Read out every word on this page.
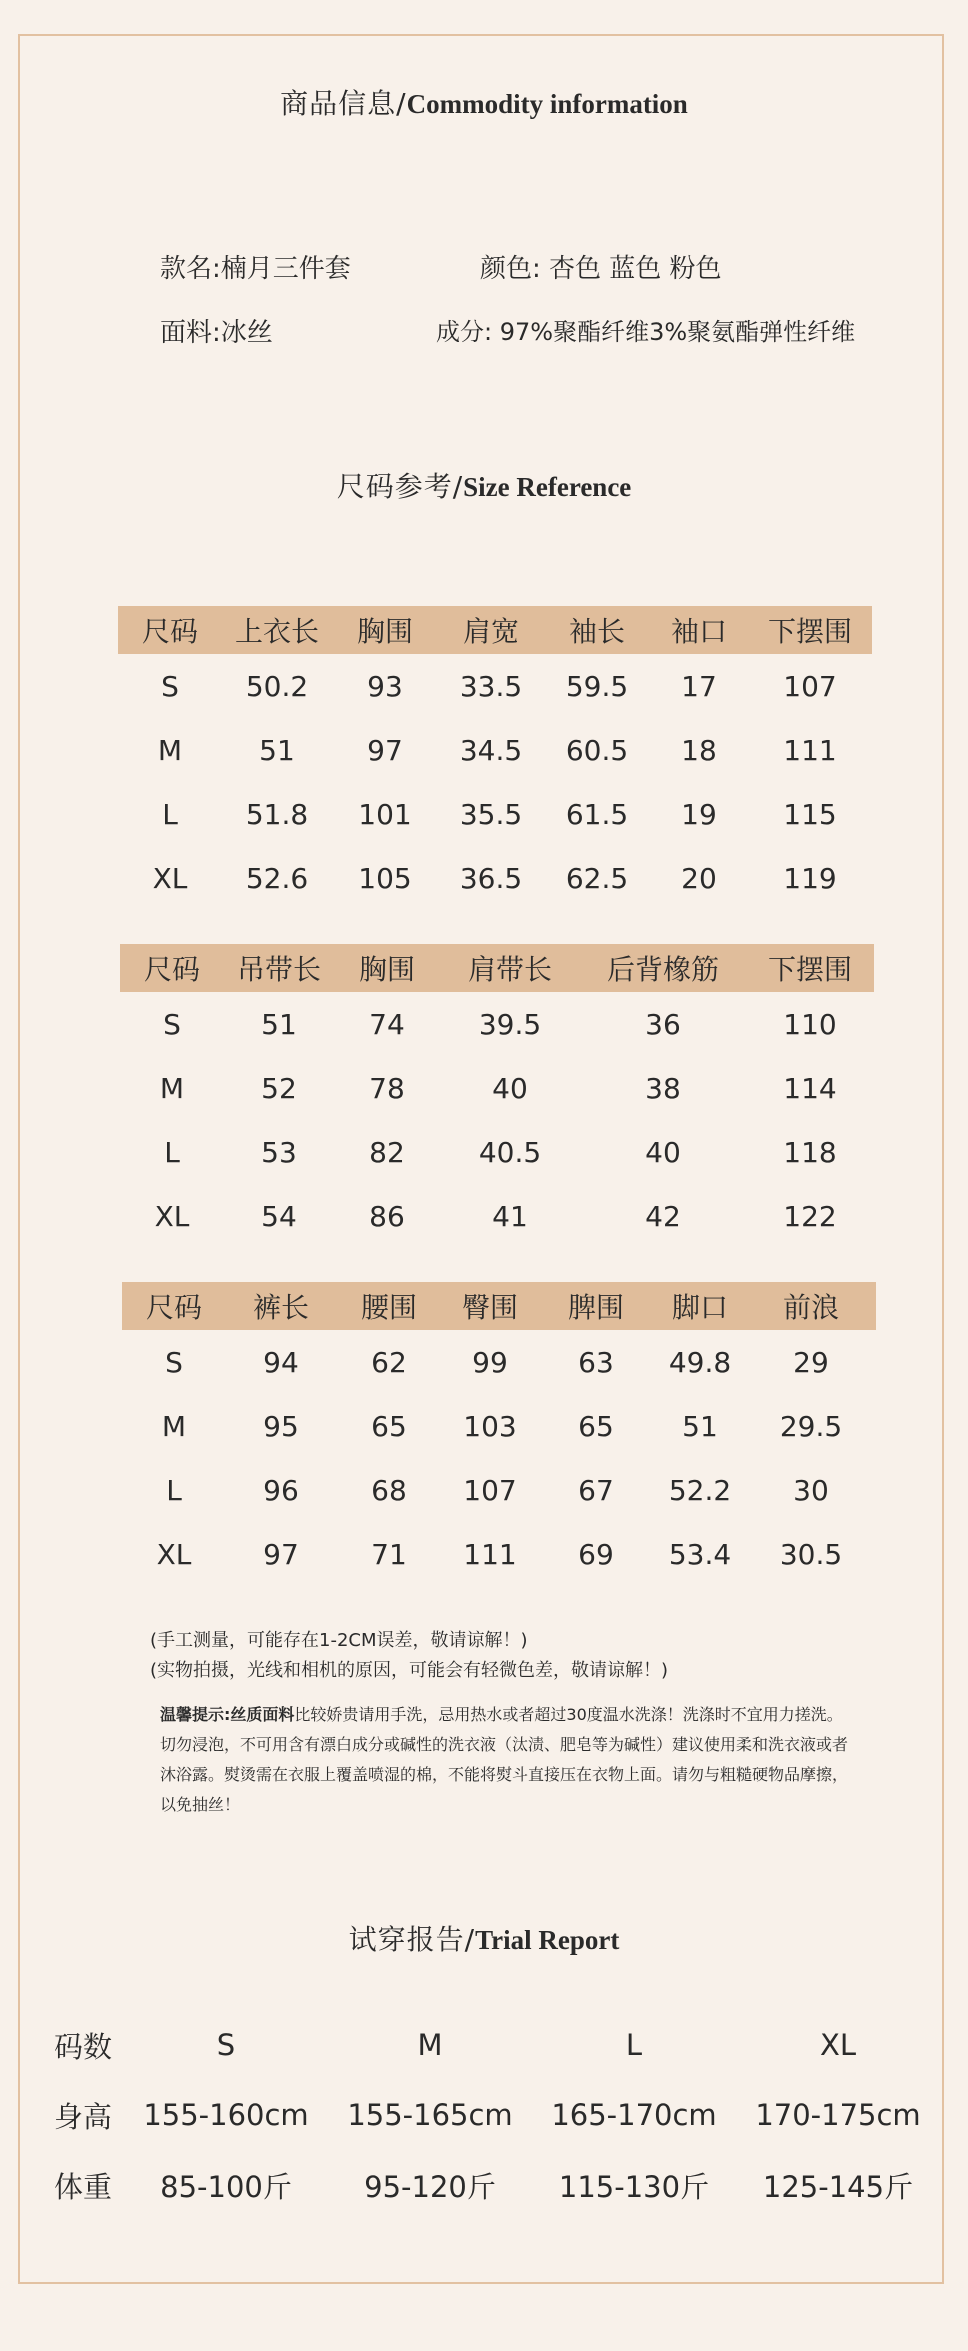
商品信息/Commodity information
款名:楠月三件套	颜色: 杏色 蓝色 粉色
面料:冰丝	成分: 97%聚酯纤维3%聚氨酯弹性纤维
尺码参考/Size Reference
尺码	上衣长	胸围	肩宽	袖长	袖口	下摆围
S	50.2	93	33.5	59.5	17	107
M	51	97	34.5	60.5	18	111
L	51.8	101	35.5	61.5	19	115
XL	52.6	105	36.5	62.5	20	119
尺码	吊带长	胸围	肩带长	后背橡筋	下摆围
S	51	74	39.5	36	110
M	52	78	40	38	114
L	53	82	40.5	40	118
XL	54	86	41	42	122
尺码	裤长	腰围	臀围	脾围	脚口	前浪
S	94	62	99	63	49.8	29
M	95	65	103	65	51	29.5
L	96	68	107	67	52.2	30
XL	97	71	111	69	53.4	30.5
(手工测量，可能存在1-2CM误差，敬请谅解！)
(实物拍摄，光线和相机的原因，可能会有轻微色差，敬请谅解！)
温馨提示:丝质面料比较娇贵请用手洗，忌用热水或者超过30度温水洗涤！洗涤时不宜用力搓洗。切勿浸泡，不可用含有漂白成分或碱性的洗衣液（汰渍、肥皂等为碱性）建议使用柔和洗衣液或者沐浴露。熨烫需在衣服上覆盖喷湿的棉，不能将熨斗直接压在衣物上面。请勿与粗糙硬物品摩擦，以免抽丝！
试穿报告/Trial Report
码数	S	M	L	XL
身高	155-160cm	155-165cm	165-170cm	170-175cm
体重	85-100斤	95-120斤	115-130斤	125-145斤
